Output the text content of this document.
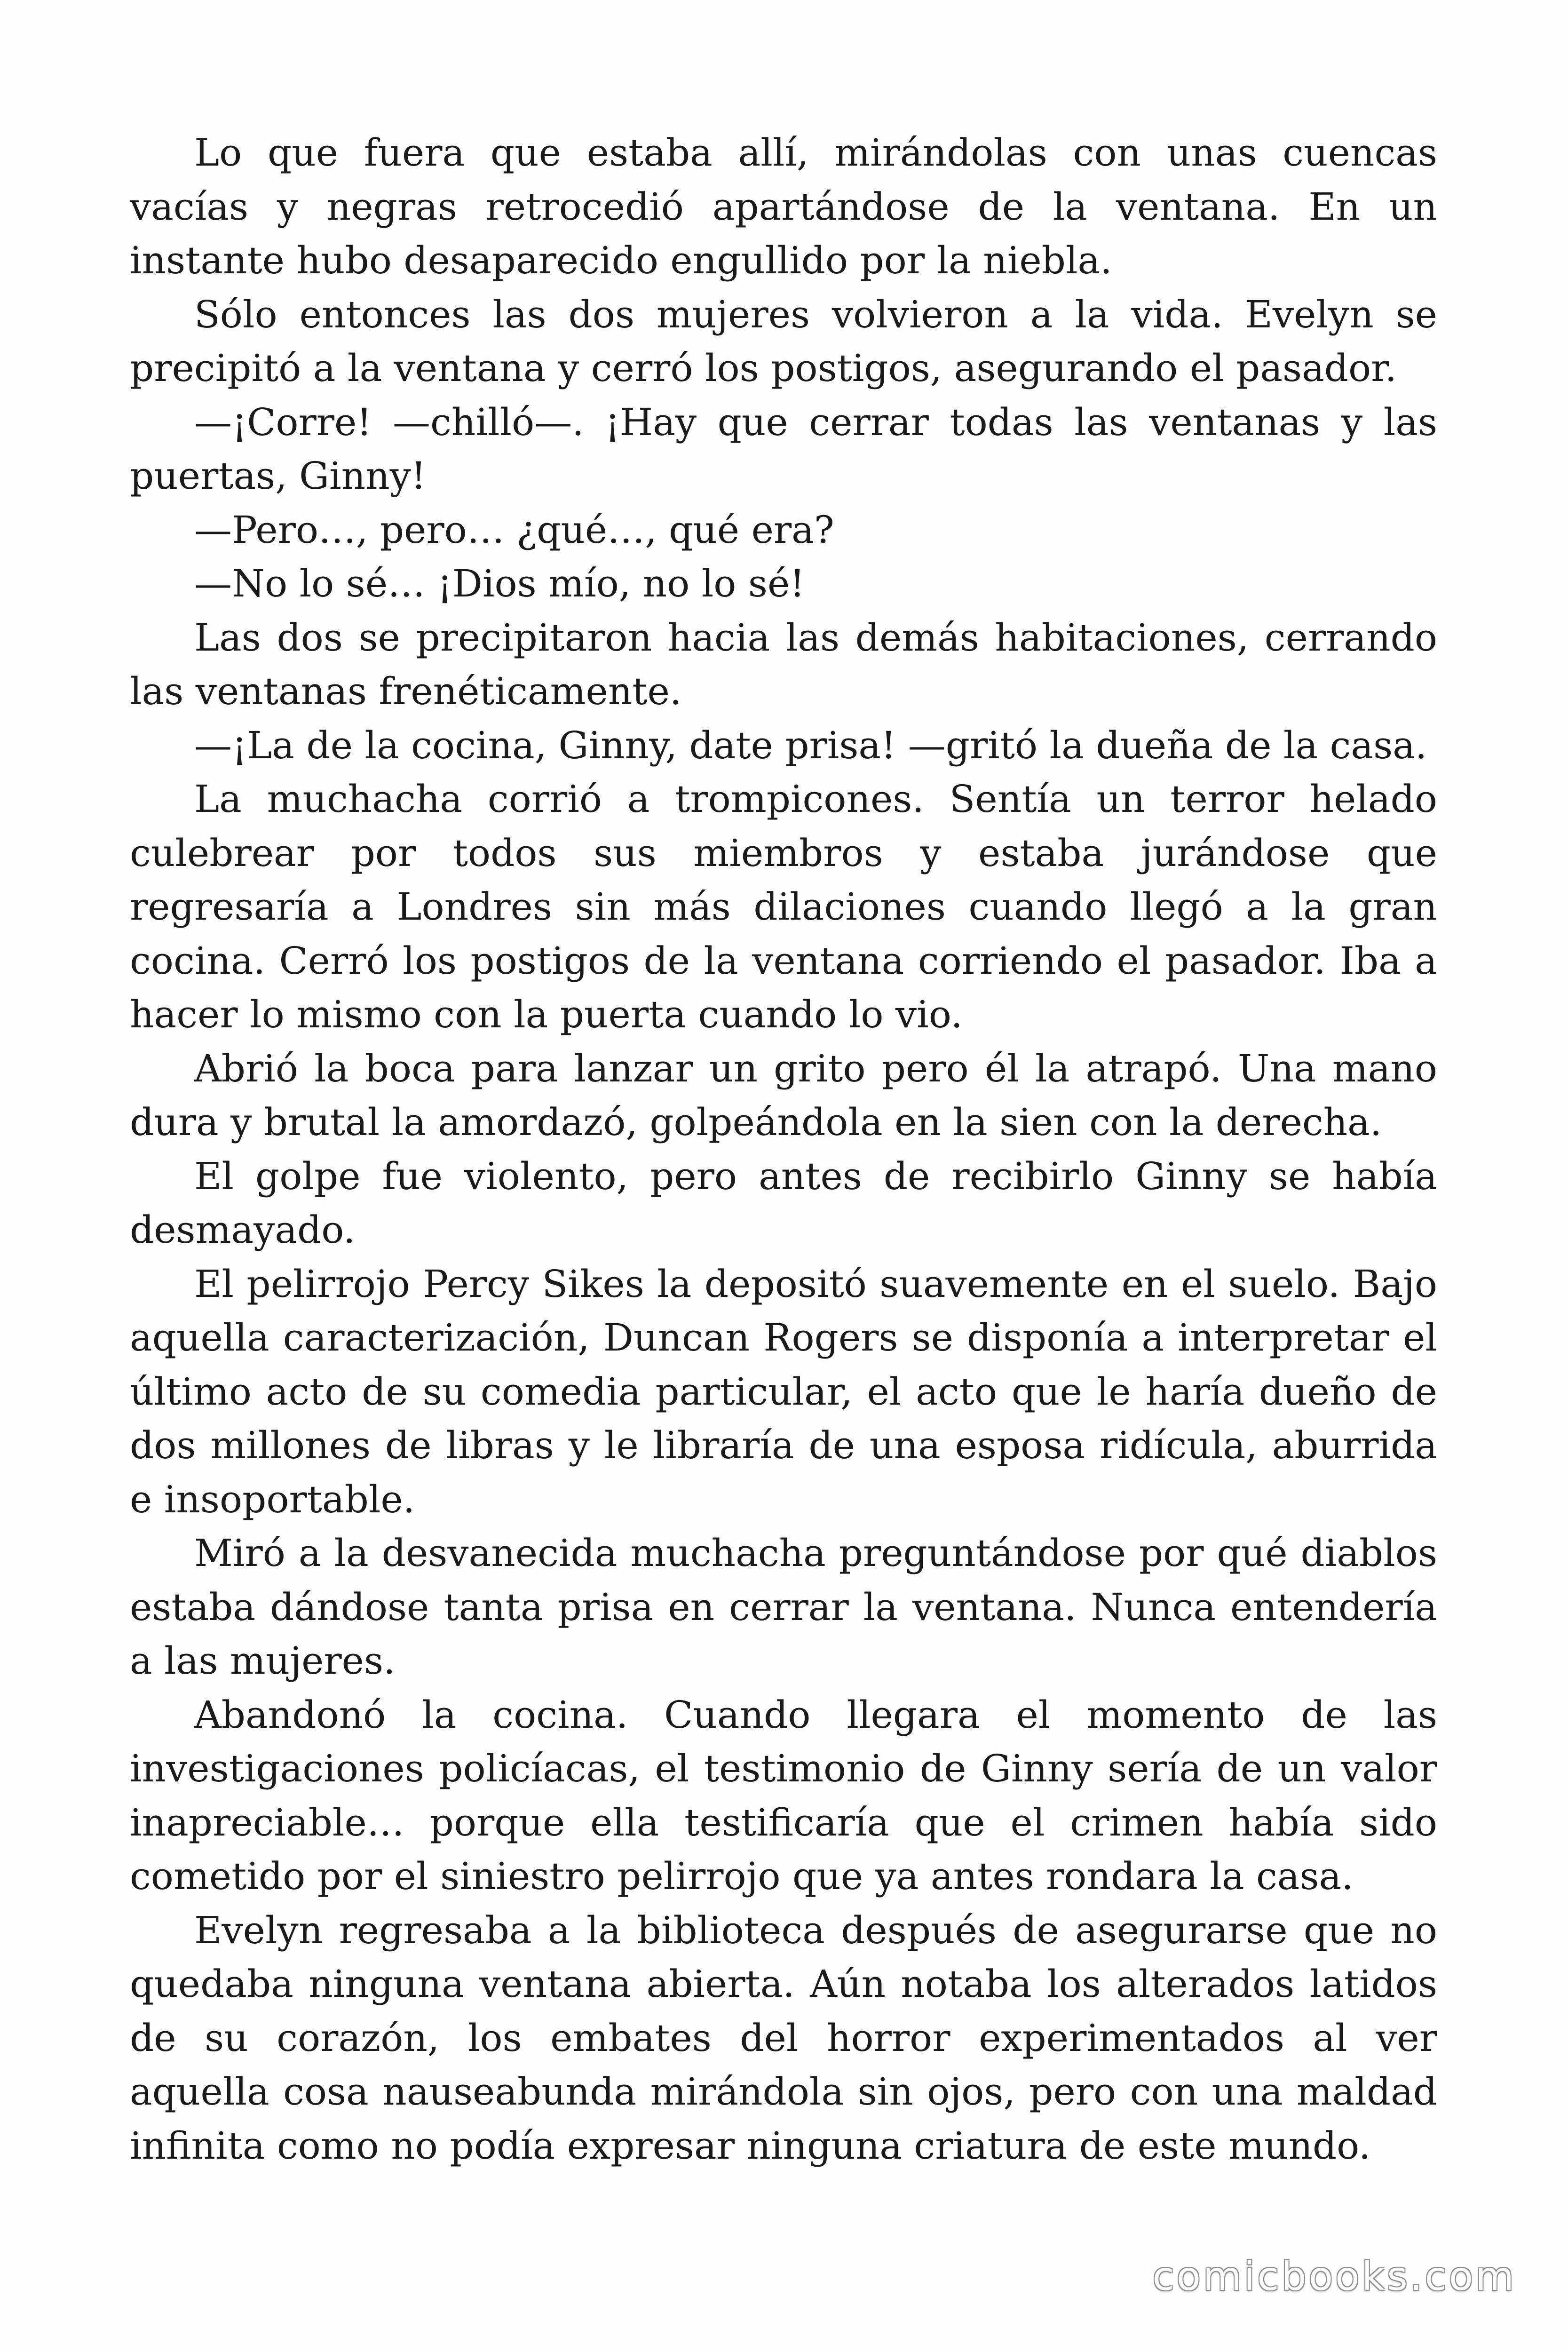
Lo que fuera que estaba allí, mirándolas con unas cuencas vacías y negras retrocedió apartándose de la ventana. En un instante hubo desaparecido engullido por la niebla.

Sólo entonces las dos mujeres volvieron a la vida. Evelyn se precipitó a la ventana y cerró los postigos, asegurando el pasador.

—¡Corre! —chilló—. ¡Hay que cerrar todas las ventanas y las puertas, Ginny!

—Pero…, pero… ¿qué…, qué era?

—No lo sé… ¡Dios mío, no lo sé!

Las dos se precipitaron hacia las demás habitaciones, cerrando las ventanas frenéticamente.

—¡La de la cocina, Ginny, date prisa! —gritó la dueña de la casa.

La muchacha corrió a trompicones. Sentía un terror helado culebrear por todos sus miembros y estaba jurándose que regresaría a Londres sin más dilaciones cuando llegó a la gran cocina. Cerró los postigos de la ventana corriendo el pasador. Iba a hacer lo mismo con la puerta cuando lo vio.

Abrió la boca para lanzar un grito pero él la atrapó. Una mano dura y brutal la amordazó, golpeándola en la sien con la derecha.

El golpe fue violento, pero antes de recibirlo Ginny se había desmayado.

El pelirrojo Percy Sikes la depositó suavemente en el suelo. Bajo aquella caracterización, Duncan Rogers se disponía a interpretar el último acto de su comedia particular, el acto que le haría dueño de dos millones de libras y le libraría de una esposa ridícula, aburrida e insoportable.

Miró a la desvanecida muchacha preguntándose por qué diablos estaba dándose tanta prisa en cerrar la ventana. Nunca entendería a las mujeres.

Abandonó la cocina. Cuando llegara el momento de las investigaciones policíacas, el testimonio de Ginny sería de un valor inapreciable… porque ella testificaría que el crimen había sido cometido por el siniestro pelirrojo que ya antes rondara la casa.

Evelyn regresaba a la biblioteca después de asegurarse que no quedaba ninguna ventana abierta. Aún notaba los alterados latidos de su corazón, los embates del horror experimentados al ver aquella cosa nauseabunda mirándola sin ojos, pero con una maldad infinita como no podía expresar ninguna criatura de este mundo.

comicbooks.com
